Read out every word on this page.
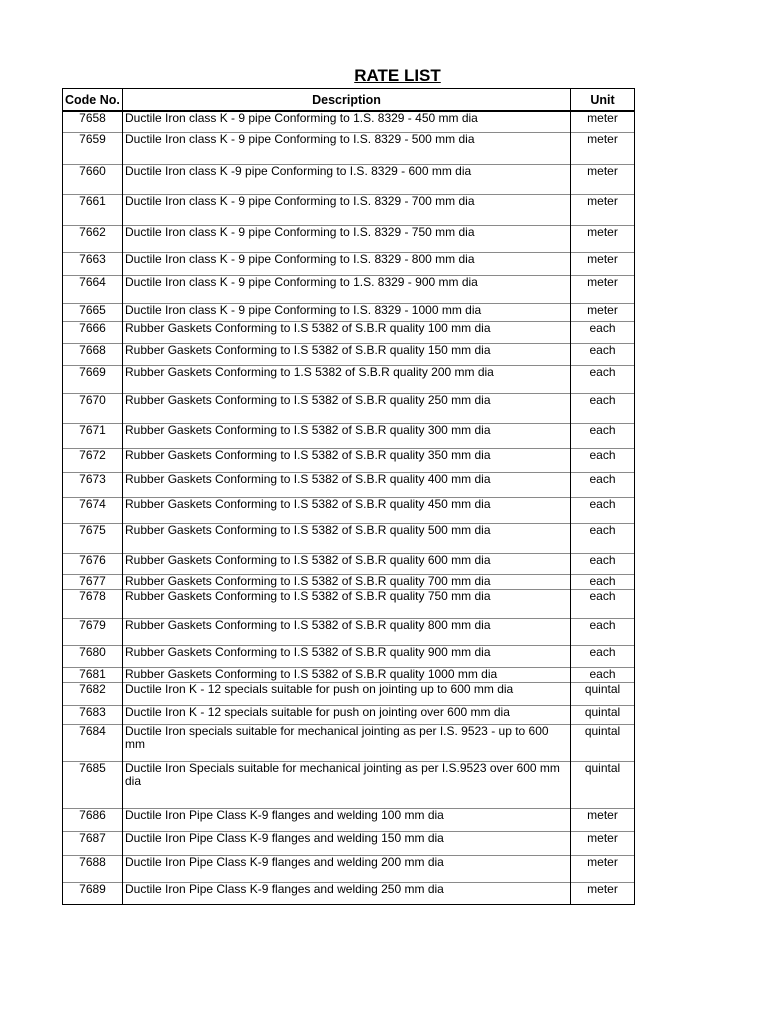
RATE LIST
Code No.	Description	Unit
7658	Ductile Iron class K - 9 pipe Conforming to 1.S. 8329 - 450 mm dia	meter
7659	Ductile Iron class K - 9 pipe Conforming to I.S. 8329 - 500 mm dia	meter
7660	Ductile Iron class K -9 pipe Conforming to I.S. 8329 - 600 mm dia	meter
7661	Ductile Iron class K - 9 pipe Conforming to I.S. 8329 - 700 mm dia	meter
7662	Ductile Iron class K - 9 pipe Conforming to I.S. 8329 - 750 mm dia	meter
7663	Ductile Iron class K - 9 pipe Conforming to I.S. 8329 - 800 mm dia	meter
7664	Ductile Iron class K - 9 pipe Conforming to 1.S. 8329 - 900 mm dia	meter
7665	Ductile Iron class K - 9 pipe Conforming to I.S. 8329 - 1000 mm dia	meter
7666	Rubber Gaskets Conforming to I.S 5382 of S.B.R quality 100 mm dia	each
7668	Rubber Gaskets Conforming to I.S 5382 of S.B.R quality 150 mm dia	each
7669	Rubber Gaskets Conforming to 1.S 5382 of S.B.R quality 200 mm dia	each
7670	Rubber Gaskets Conforming to I.S 5382 of S.B.R quality 250 mm dia	each
7671	Rubber Gaskets Conforming to I.S 5382 of S.B.R quality 300 mm dia	each
7672	Rubber Gaskets Conforming to I.S 5382 of S.B.R quality 350 mm dia	each
7673	Rubber Gaskets Conforming to I.S 5382 of S.B.R quality 400 mm dia	each
7674	Rubber Gaskets Conforming to I.S 5382 of S.B.R quality 450 mm dia	each
7675	Rubber Gaskets Conforming to I.S 5382 of S.B.R quality 500 mm dia	each
7676	Rubber Gaskets Conforming to I.S 5382 of S.B.R quality 600 mm dia	each
7677	Rubber Gaskets Conforming to I.S 5382 of S.B.R quality 700 mm dia	each
7678	Rubber Gaskets Conforming to I.S 5382 of S.B.R quality 750 mm dia	each
7679	Rubber Gaskets Conforming to I.S 5382 of S.B.R quality 800 mm dia	each
7680	Rubber Gaskets Conforming to I.S 5382 of S.B.R quality 900 mm dia	each
7681	Rubber Gaskets Conforming to I.S 5382 of S.B.R quality 1000 mm dia	each
7682	Ductile Iron K - 12 specials suitable for push on jointing up to 600 mm dia	quintal
7683	Ductile Iron K - 12 specials suitable for push on jointing over 600 mm dia	quintal
7684	Ductile Iron specials suitable for mechanical jointing as per I.S. 9523 - up to 600 mm	quintal
7685	Ductile Iron Specials suitable for mechanical jointing as per I.S.9523 over 600 mm dia	quintal
7686	Ductile Iron Pipe Class K-9 flanges and welding 100 mm dia	meter
7687	Ductile Iron Pipe Class K-9 flanges and welding 150 mm dia	meter
7688	Ductile Iron Pipe Class K-9 flanges and welding 200 mm dia	meter
7689	Ductile Iron Pipe Class K-9 flanges and welding 250 mm dia	meter
